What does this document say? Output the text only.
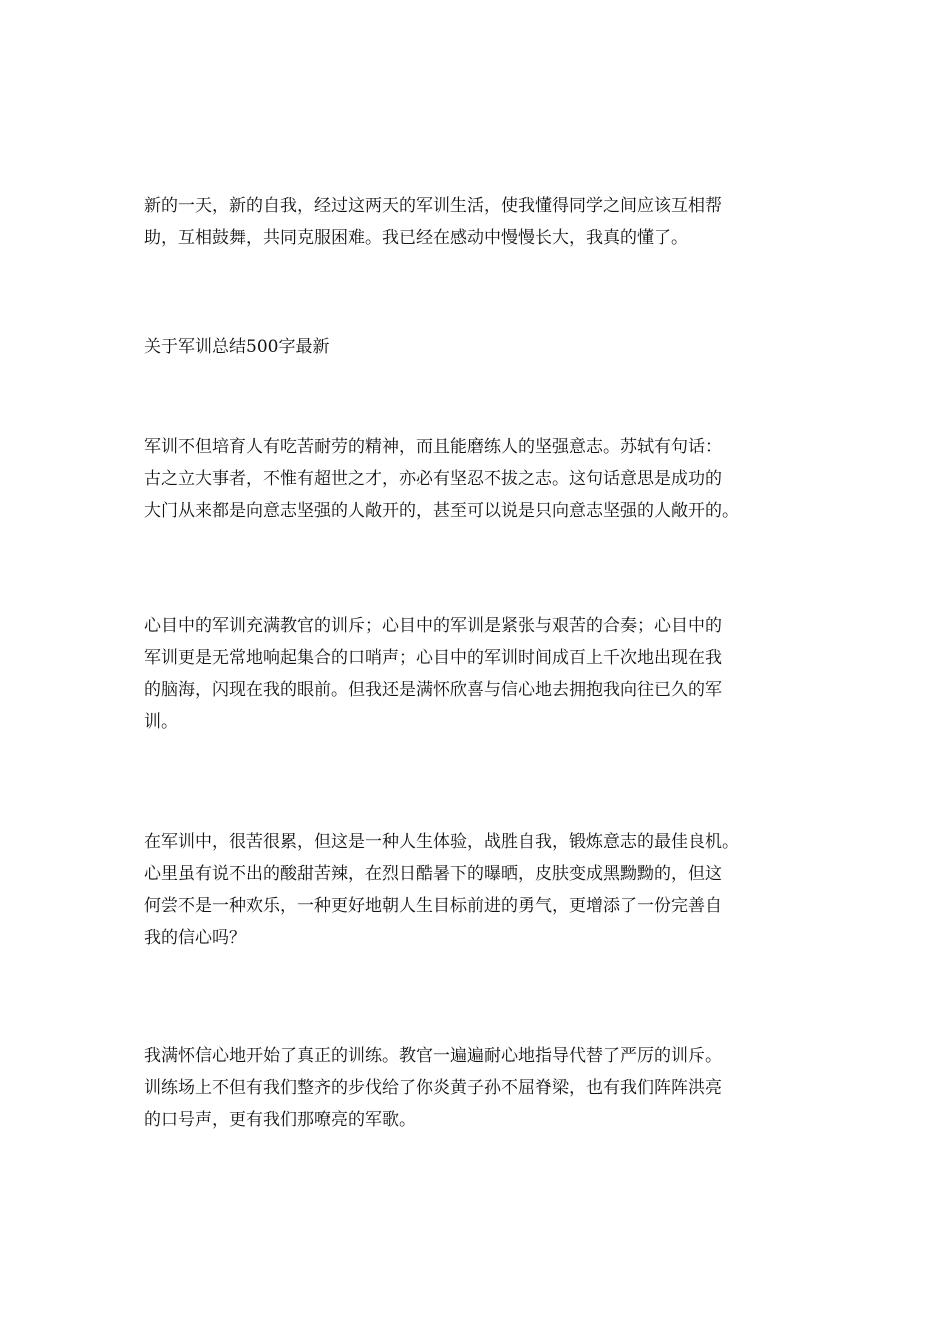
新的一天，新的自我，经过这两天的军训生活，使我懂得同学之间应该互相帮
助，互相鼓舞，共同克服困难。我已经在感动中慢慢长大，我真的懂了。
关于军训总结500字最新
军训不但培育人有吃苦耐劳的精神，而且能磨练人的坚强意志。苏轼有句话：
古之立大事者，不惟有超世之才，亦必有坚忍不拔之志。这句话意思是成功的
大门从来都是向意志坚强的人敞开的，甚至可以说是只向意志坚强的人敞开的。
心目中的军训充满教官的训斥；心目中的军训是紧张与艰苦的合奏；心目中的
军训更是无常地响起集合的口哨声；心目中的军训时间成百上千次地出现在我
的脑海，闪现在我的眼前。但我还是满怀欣喜与信心地去拥抱我向往已久的军
训。
在军训中，很苦很累，但这是一种人生体验，战胜自我，锻炼意志的最佳良机。
心里虽有说不出的酸甜苦辣，在烈日酷暑下的曝晒，皮肤变成黑黝黝的，但这
何尝不是一种欢乐，一种更好地朝人生目标前进的勇气，更增添了一份完善自
我的信心吗？
我满怀信心地开始了真正的训练。教官一遍遍耐心地指导代替了严厉的训斥。
训练场上不但有我们整齐的步伐给了你炎黄子孙不屈脊梁，也有我们阵阵洪亮
的口号声，更有我们那嘹亮的军歌。
